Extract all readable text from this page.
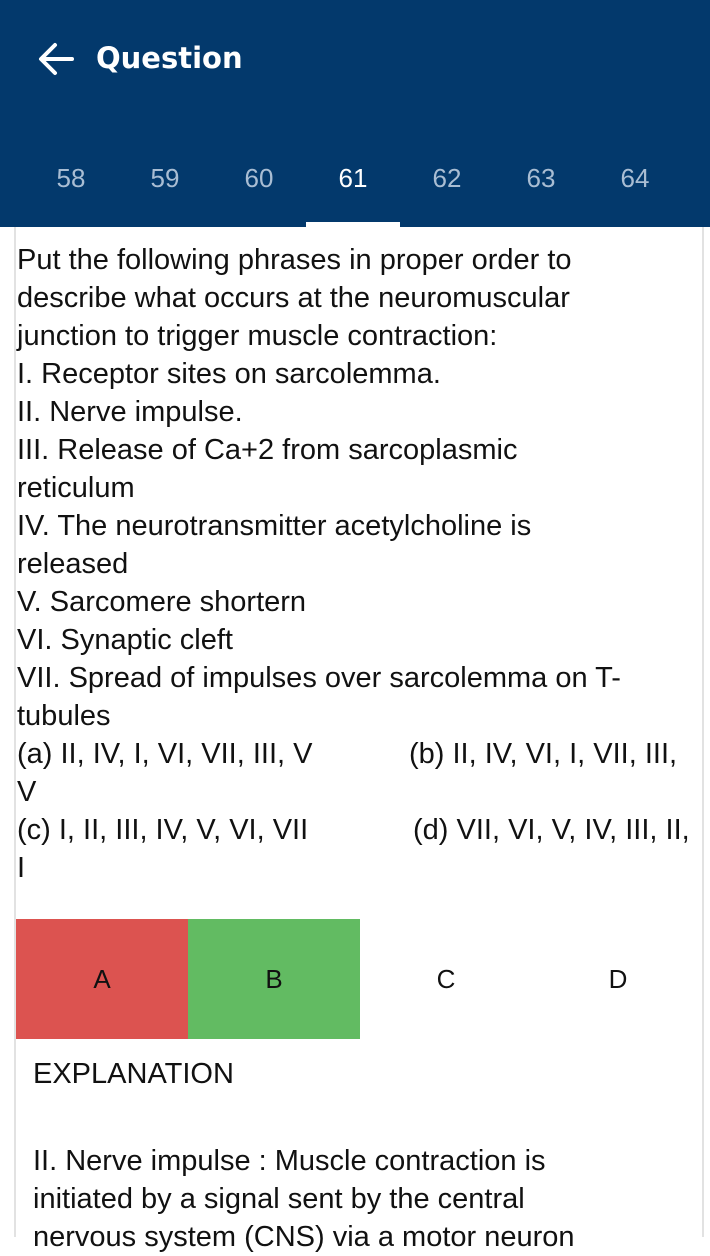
Question
58	59	60	61	62	63	64
Put the following phrases in proper order to
describe what occurs at the neuromuscular
junction to trigger muscle contraction:
I. Receptor sites on sarcolemma.
II. Nerve impulse.
III. Release of Ca+2 from sarcoplasmic
reticulum
IV. The neurotransmitter acetylcholine is
released
V. Sarcomere shortern
VI. Synaptic cleft
VII. Spread of impulses over sarcolemma on T-
tubules
(a) II, IV, I, VI, VII, III, V	(b) II, IV, VI, I, VII, III,
V
(c) I, II, III, IV, V, VI, VII	(d) VII, VI, V, IV, III, II,
I
A	B	C	D
EXPLANATION
II. Nerve impulse : Muscle contraction is
initiated by a signal sent by the central
nervous system (CNS) via a motor neuron
